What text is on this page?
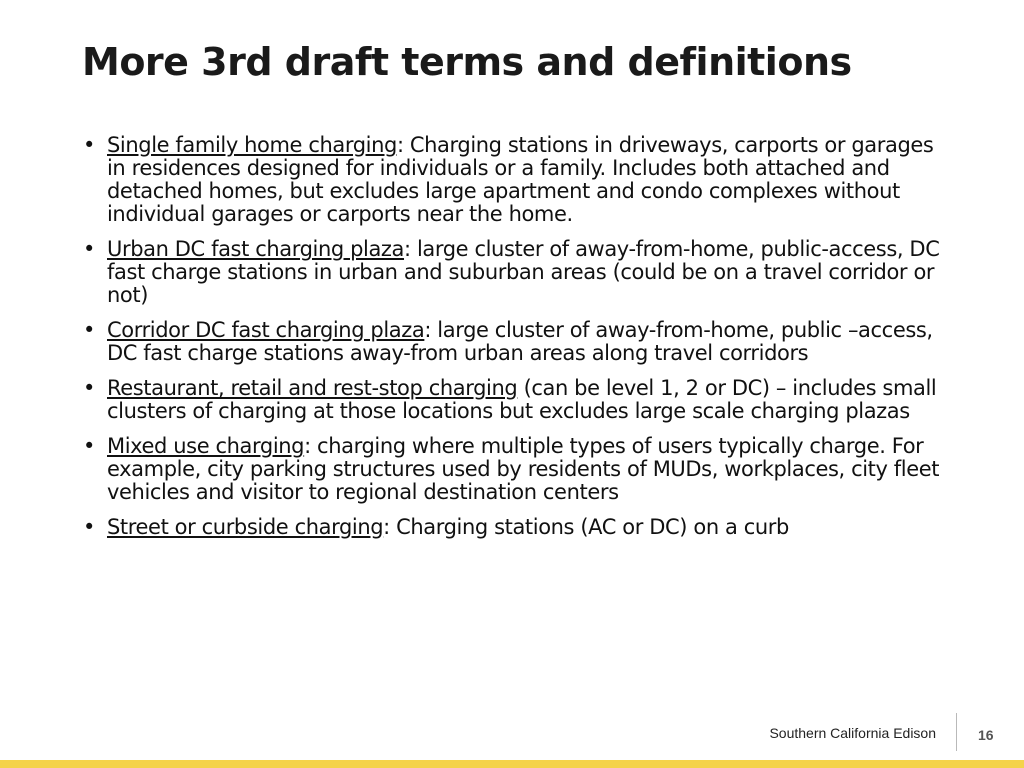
More 3rd draft terms and definitions
• Single family home charging: Charging stations in driveways, carports or garages in residences designed for individuals or a family. Includes both attached and detached homes, but excludes large apartment and condo complexes without individual garages or carports near the home.
• Urban DC fast charging plaza: large cluster of away-from-home, public-access, DC fast charge stations in urban and suburban areas (could be on a travel corridor or not)
• Corridor DC fast charging plaza: large cluster of away-from-home, public –access, DC fast charge stations away-from urban areas along travel corridors
• Restaurant, retail and rest-stop charging (can be level 1, 2 or DC) – includes small clusters of charging at those locations but excludes large scale charging plazas
• Mixed use charging: charging where multiple types of users typically charge. For example, city parking structures used by residents of MUDs, workplaces, city fleet vehicles and visitor to regional destination centers
• Street or curbside charging: Charging stations (AC or DC) on a curb
Southern California Edison	16
